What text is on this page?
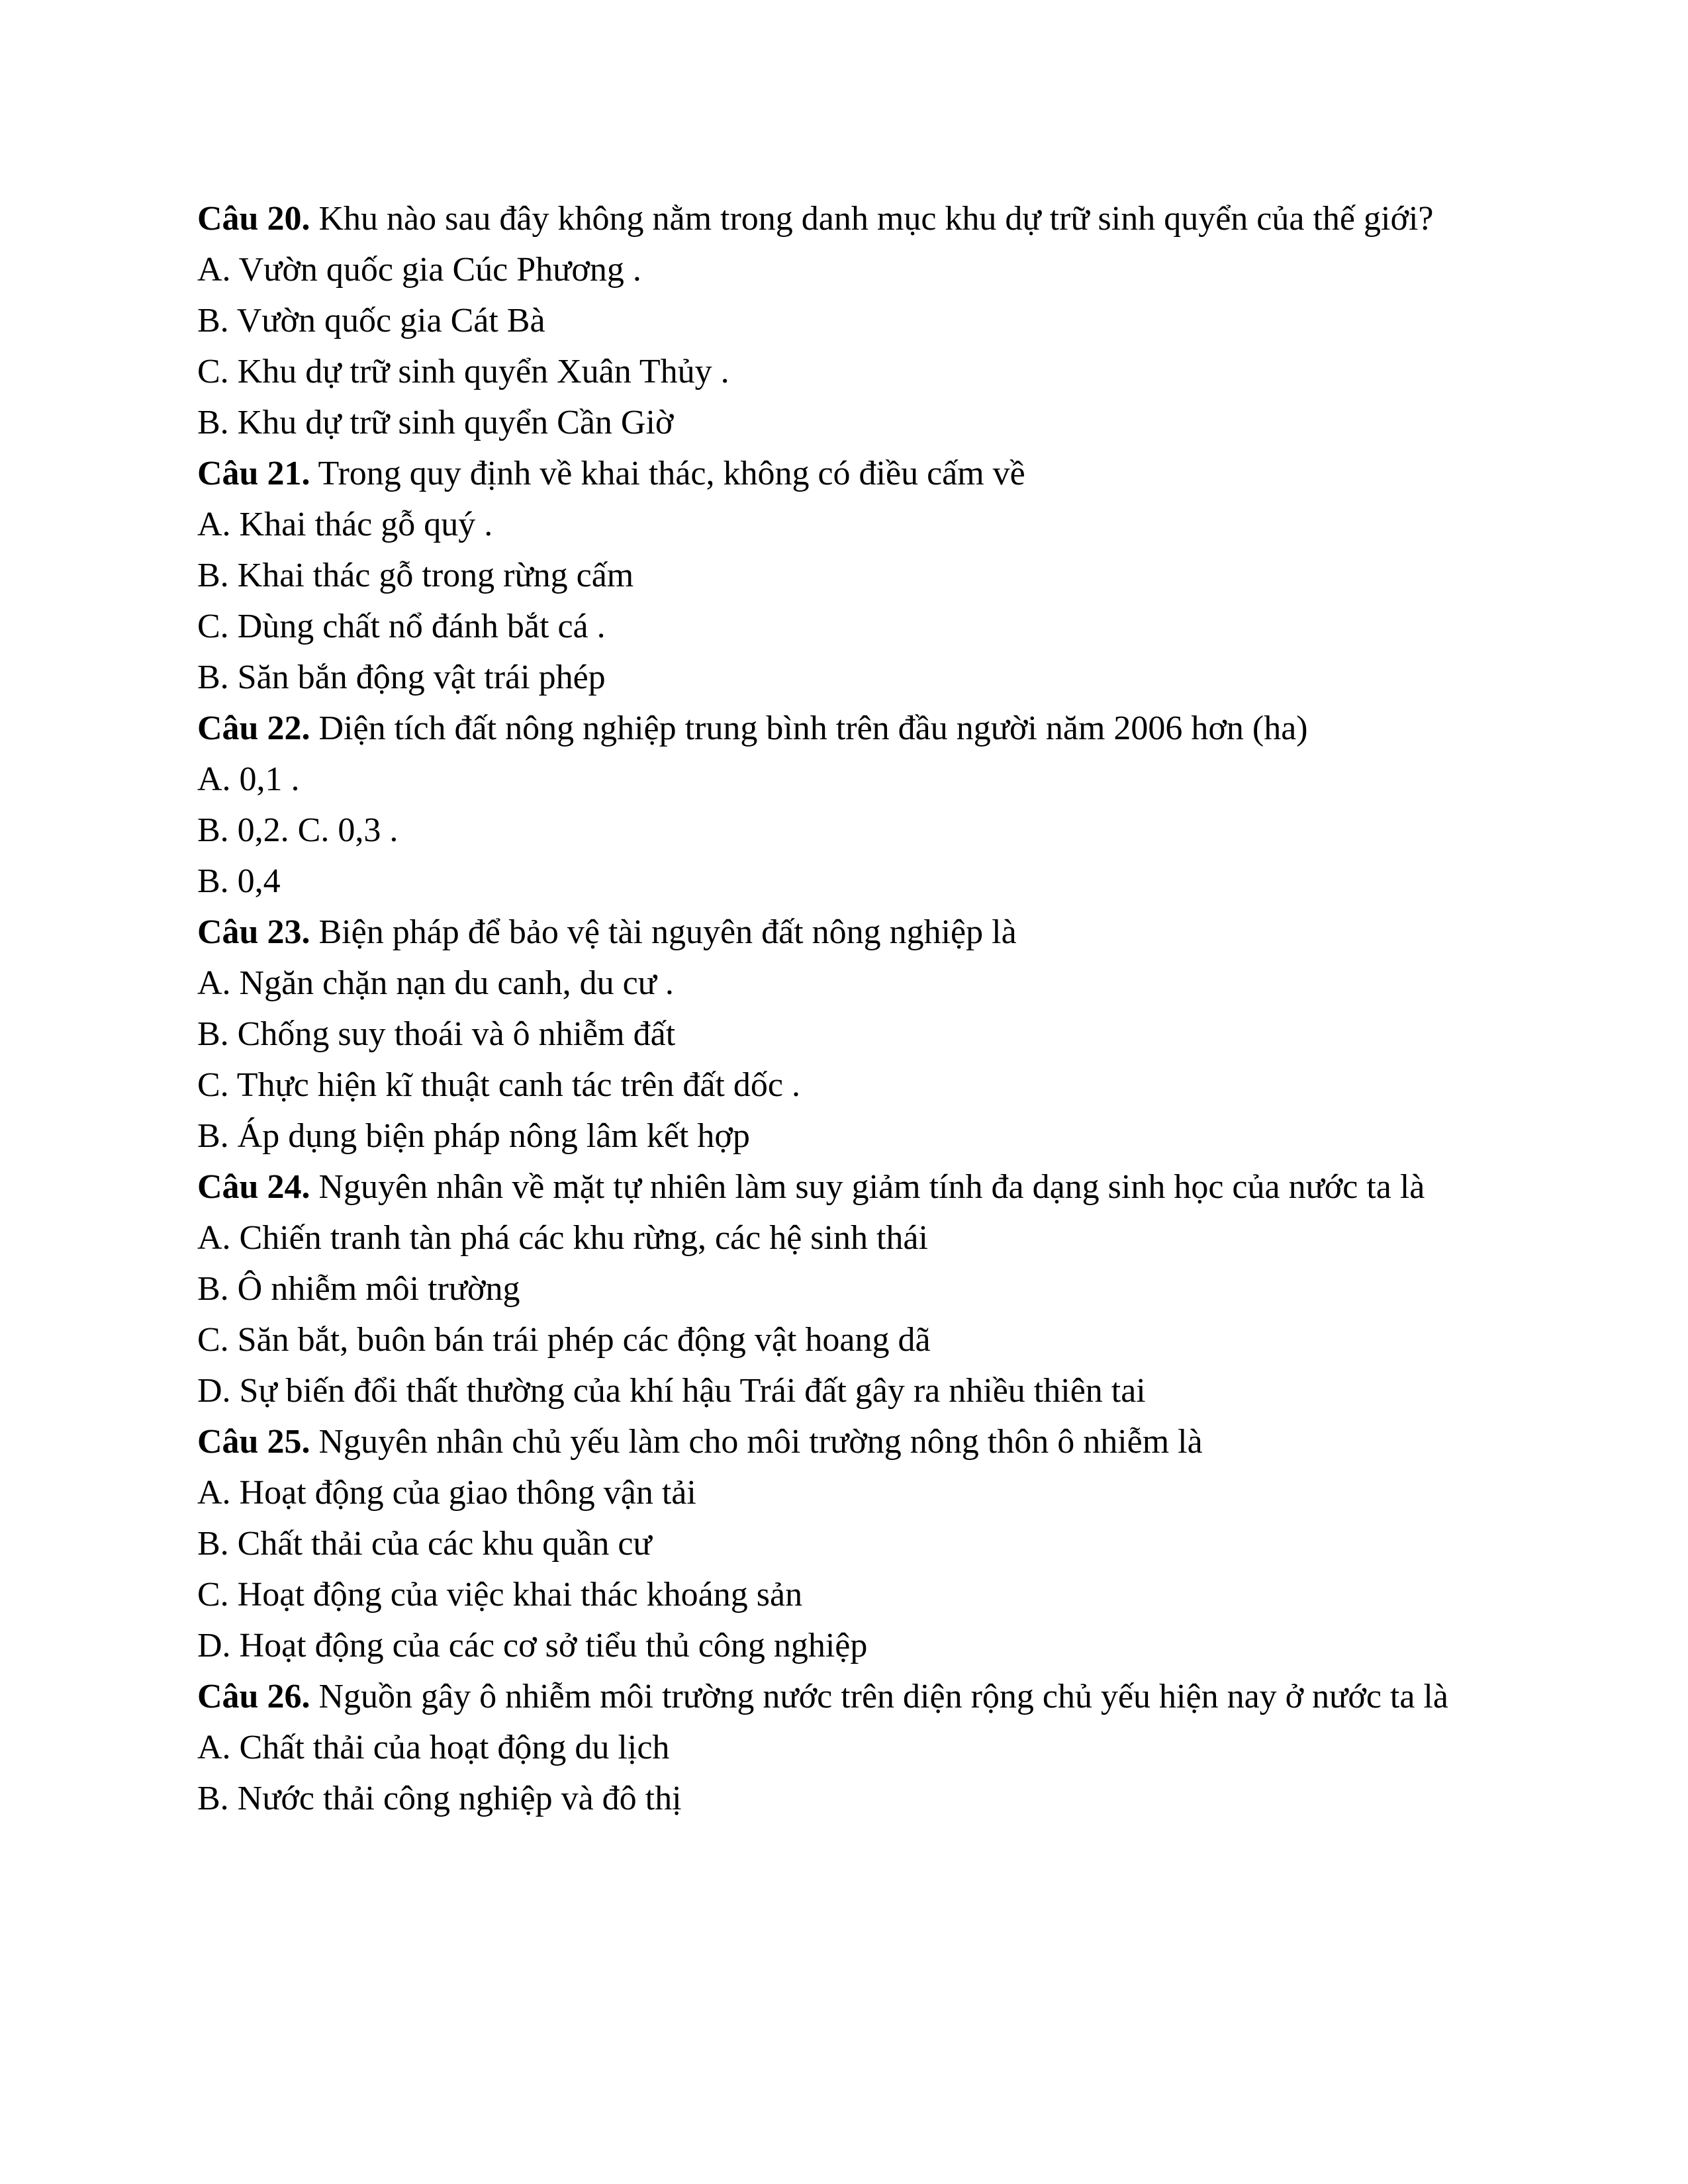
Câu 20. Khu nào sau đây không nằm trong danh mục khu dự trữ sinh quyển của thế giới?

A. Vườn quốc gia Cúc Phương .

B. Vườn quốc gia Cát Bà

C. Khu dự trữ sinh quyển Xuân Thủy .

B. Khu dự trữ sinh quyển Cần Giờ

Câu 21. Trong quy định về khai thác, không có điều cấm về

A. Khai thác gỗ quý .

B. Khai thác gỗ trong rừng cấm

C. Dùng chất nổ đánh bắt cá .

B. Săn bắn động vật trái phép

Câu 22. Diện tích đất nông nghiệp trung bình trên đầu người năm 2006 hơn (ha)

A. 0,1 .

B. 0,2. C. 0,3 .

B. 0,4

Câu 23. Biện pháp để bảo vệ tài nguyên đất nông nghiệp là

A. Ngăn chặn nạn du canh, du cư .

B. Chống suy thoái và ô nhiễm đất

C. Thực hiện kĩ thuật canh tác trên đất dốc .

B. Áp dụng biện pháp nông lâm kết hợp

Câu 24. Nguyên nhân về mặt tự nhiên làm suy giảm tính đa dạng sinh học của nước ta là

A. Chiến tranh tàn phá các khu rừng, các hệ sinh thái

B. Ô nhiễm môi trường

C. Săn bắt, buôn bán trái phép các động vật hoang dã

D. Sự biến đổi thất thường của khí hậu Trái đất gây ra nhiều thiên tai

Câu 25. Nguyên nhân chủ yếu làm cho môi trường nông thôn ô nhiễm là

A. Hoạt động của giao thông vận tải

B. Chất thải của các khu quần cư

C. Hoạt động của việc khai thác khoáng sản

D. Hoạt động của các cơ sở tiểu thủ công nghiệp

Câu 26. Nguồn gây ô nhiễm môi trường nước trên diện rộng chủ yếu hiện nay ở nước ta là

A. Chất thải của hoạt động du lịch

B. Nước thải công nghiệp và đô thị
